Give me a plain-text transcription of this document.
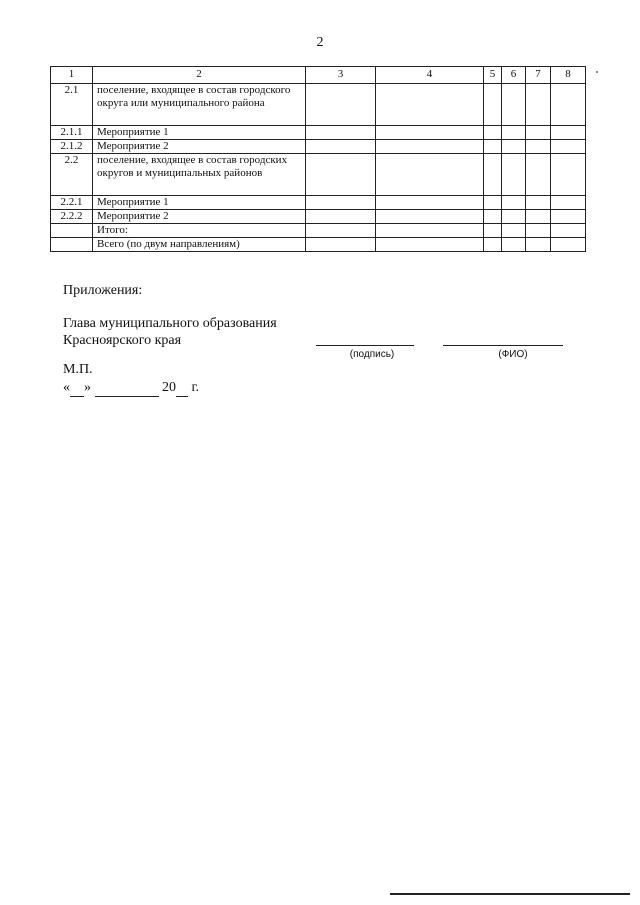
2
1	2	3	4	5	6	7	8
2.1	поселение, входящее в состав городского округа или муниципального района						
2.1.1	Мероприятие 1						
2.1.2	Мероприятие 2						
2.2	поселение, входящее в состав городских округов и муниципальных районов						
2.2.1	Мероприятие 1						
2.2.2	Мероприятие 2						
	Итого:						
	Всего (по двум направлениям)						
Приложения:
Глава муниципального образования
Красноярского края
(подпись)	(ФИО)
М.П.
« »	20 г.
